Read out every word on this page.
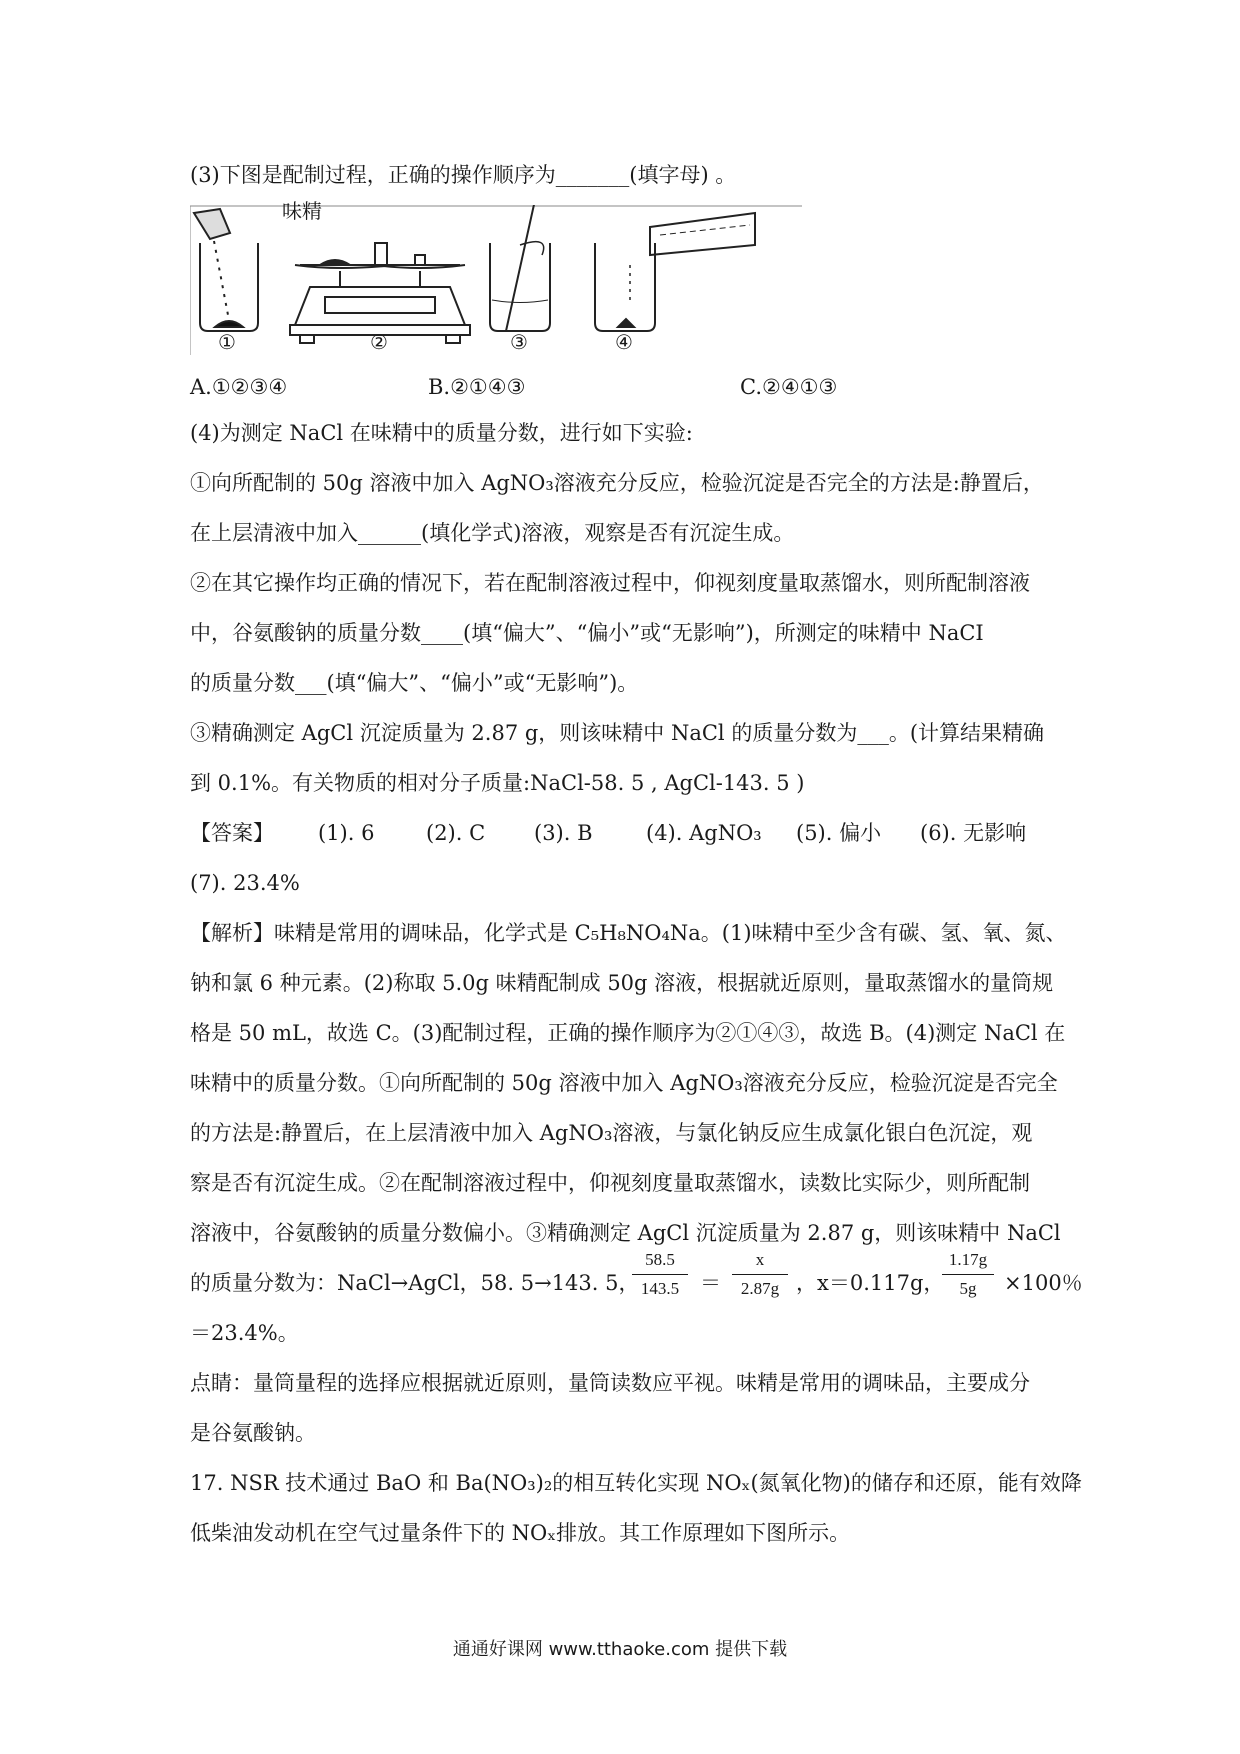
(3)下图是配制过程，正确的操作顺序为_______(填字母) 。
味精
①	②	③	④
A.①②③④	B.②①④③	C.②④①③
(4)为测定 NaCl 在味精中的质量分数，进行如下实验:
①向所配制的 50g 溶液中加入 AgNO₃溶液充分反应，检验沉淀是否完全的方法是:静置后，
在上层清液中加入______(填化学式)溶液，观察是否有沉淀生成。
②在其它操作均正确的情况下，若在配制溶液过程中，仰视刻度量取蒸馏水，则所配制溶液
中，谷氨酸钠的质量分数____(填“偏大”、“偏小”或“无影响”)，所测定的味精中 NaCI
的质量分数___(填“偏大”、“偏小”或“无影响”)。
③精确测定 AgCl 沉淀质量为 2.87 g，则该味精中 NaCl 的质量分数为___。(计算结果精确
到 0.1%。有关物质的相对分子质量:NaCl-58. 5 , AgCl-143. 5 )
【答案】 (1). 6 (2). C (3). B	(4). AgNO₃ (5). 偏小 (6). 无影响
(7). 23.4%
【解析】味精是常用的调味品，化学式是 C₅H₈NO₄Na。(1)味精中至少含有碳、氢、氧、氮、
钠和氯 6 种元素。(2)称取 5.0g 味精配制成 50g 溶液，根据就近原则，量取蒸馏水的量筒规
格是 50 mL，故选 C。(3)配制过程，正确的操作顺序为②①④③，故选 B。(4)测定 NaCl 在
味精中的质量分数。①向所配制的 50g 溶液中加入 AgNO₃溶液充分反应，检验沉淀是否完全
的方法是:静置后，在上层清液中加入 AgNO₃溶液，与氯化钠反应生成氯化银白色沉淀，观
察是否有沉淀生成。②在配制溶液过程中，仰视刻度量取蒸馏水，读数比实际少，则所配制
溶液中，谷氨酸钠的质量分数偏小。③精确测定 AgCl 沉淀质量为 2.87 g，则该味精中 NaCl
的质量分数为：NaCl→AgCl，58. 5→143. 5，
58.5
143.5 ＝
x
2.87g ，x＝0.117g，
1.17g
5g	×100％
＝23.4%。
点睛：量筒量程的选择应根据就近原则，量筒读数应平视。味精是常用的调味品，主要成分
是谷氨酸钠。
17. NSR 技术通过 BaO 和 Ba(NO₃)₂的相互转化实现 NOₓ(氮氧化物)的储存和还原，能有效降
低柴油发动机在空气过量条件下的 NOₓ排放。其工作原理如下图所示。
通通好课网 www.tthaoke.com 提供下载
